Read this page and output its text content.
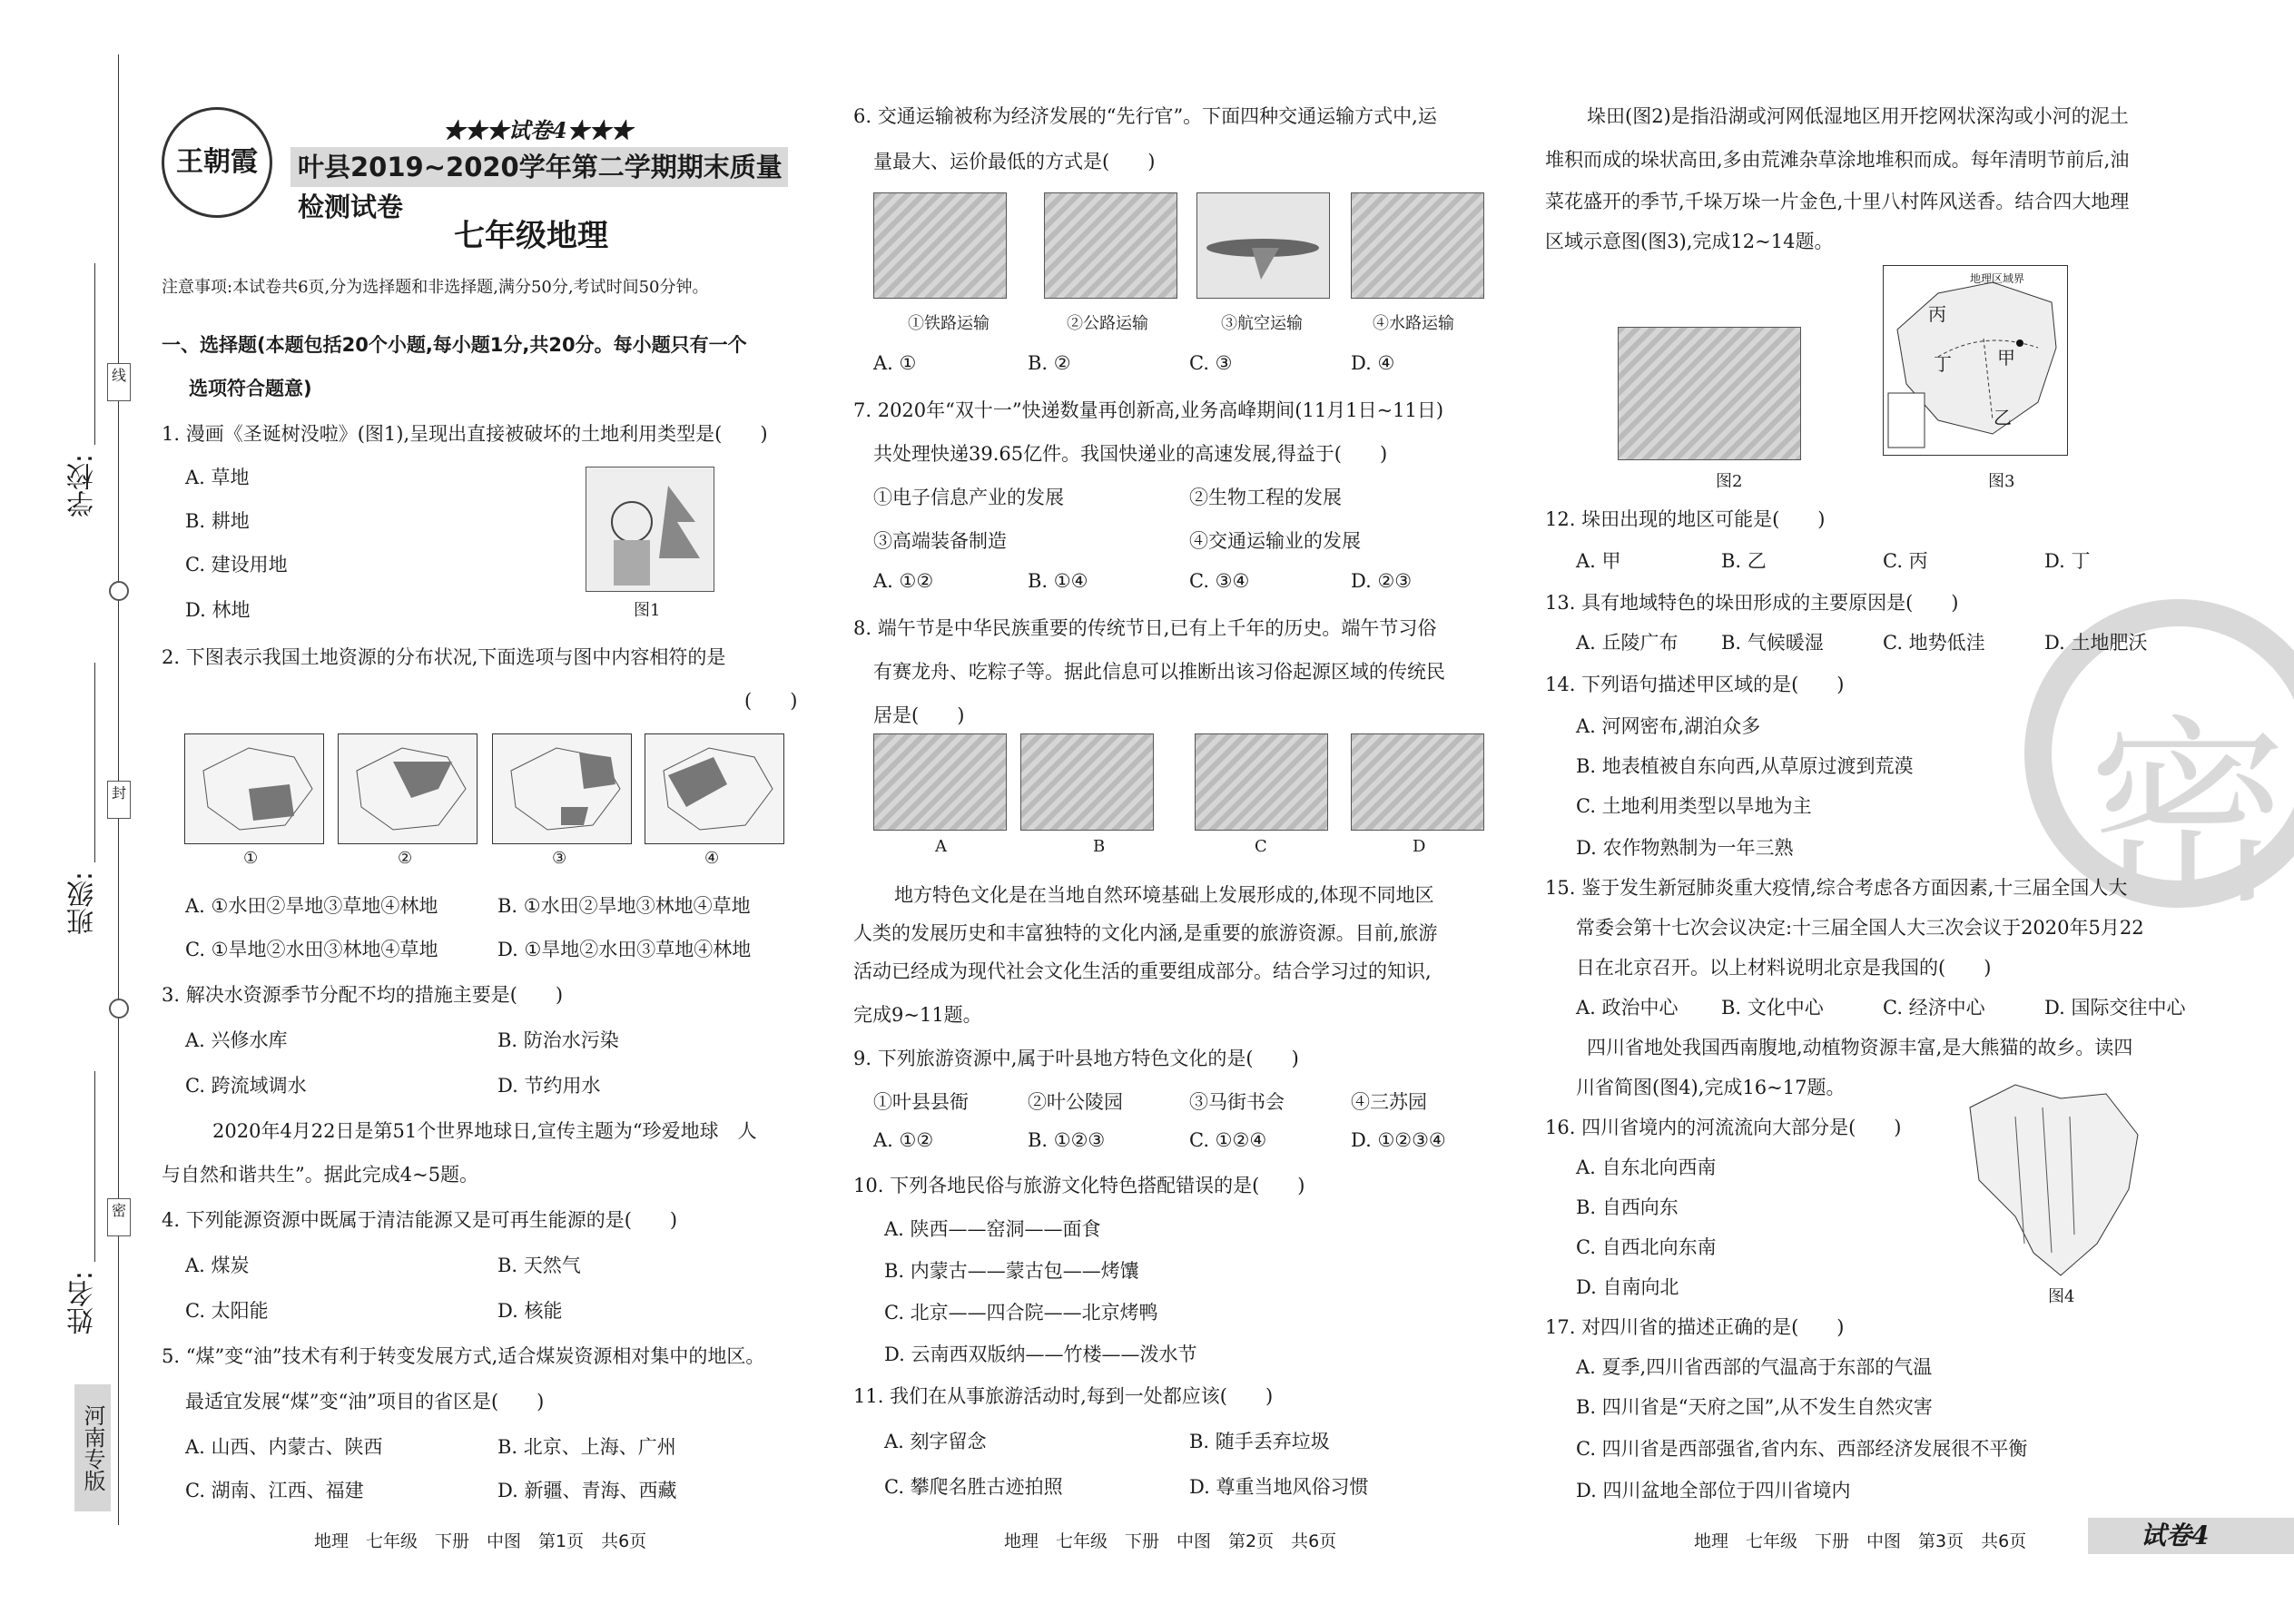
线
封
密
学校:
班级:
姓名:
河南专版
王朝霞
★★★试卷4★★★
叶县2019~2020学年第二学期期末质量检测试卷
七年级地理
注意事项:本试卷共6页,分为选择题和非选择题,满分50分,考试时间50分钟。
一、选择题(本题包括20个小题,每小题1分,共20分。每小题只有一个
选项符合题意)
1. 漫画《圣诞树没啦》(图1),呈现出直接被破坏的土地利用类型是(　　)
A. 草地
B. 耕地
C. 建设用地
D. 林地	图1
2. 下图表示我国土地资源的分布状况,下面选项与图中内容相符的是
(　　)
①	②	③	④
A. ①水田②旱地③草地④林地	B. ①水田②旱地③林地④草地
C. ①旱地②水田③林地④草地	D. ①旱地②水田③草地④林地
3. 解决水资源季节分配不均的措施主要是(　　)
A. 兴修水库	B. 防治水污染
C. 跨流域调水	D. 节约用水
2020年4月22日是第51个世界地球日,宣传主题为“珍爱地球　人
与自然和谐共生”。据此完成4~5题。
4. 下列能源资源中既属于清洁能源又是可再生能源的是(　　)
A. 煤炭	B. 天然气
C. 太阳能	D. 核能
5. “煤”变“油”技术有利于转变发展方式,适合煤炭资源相对集中的地区。
最适宜发展“煤”变“油”项目的省区是(　　)
A. 山西、内蒙古、陕西	B. 北京、上海、广州
C. 湖南、江西、福建	D. 新疆、青海、西藏
地理　七年级　下册　中图　第1页　共6页
6. 交通运输被称为经济发展的“先行官”。下面四种交通运输方式中,运
量最大、运价最低的方式是(　　)
①铁路运输	②公路运输	③航空运输	④水路运输
A. ①	B. ②	C. ③	D. ④
7. 2020年“双十一”快递数量再创新高,业务高峰期间(11月1日~11日)
共处理快递39.65亿件。我国快递业的高速发展,得益于(　　)
①电子信息产业的发展	②生物工程的发展
③高端装备制造	④交通运输业的发展
A. ①②	B. ①④	C. ③④	D. ②③
8. 端午节是中华民族重要的传统节日,已有上千年的历史。端午节习俗
有赛龙舟、吃粽子等。据此信息可以推断出该习俗起源区域的传统民
居是(　　)
A	B	C	D
地方特色文化是在当地自然环境基础上发展形成的,体现不同地区
人类的发展历史和丰富独特的文化内涵,是重要的旅游资源。目前,旅游
活动已经成为现代社会文化生活的重要组成部分。结合学习过的知识,
完成9~11题。
9. 下列旅游资源中,属于叶县地方特色文化的是(　　)
①叶县县衙	②叶公陵园	③马街书会	④三苏园
A. ①②	B. ①②③	C. ①②④	D. ①②③④
10. 下列各地民俗与旅游文化特色搭配错误的是(　　)
A. 陕西——窑洞——面食
B. 内蒙古——蒙古包——烤馕
C. 北京——四合院——北京烤鸭
D. 云南西双版纳——竹楼——泼水节
11. 我们在从事旅游活动时,每到一处都应该(　　)
A. 刻字留念	B. 随手丢弃垃圾
C. 攀爬名胜古迹拍照	D. 尊重当地风俗习惯
地理　七年级　下册　中图　第2页　共6页
密
垛田(图2)是指沿湖或河网低湿地区用开挖网状深沟或小河的泥土
堆积而成的垛状高田,多由荒滩杂草涂地堆积而成。每年清明节前后,油
菜花盛开的季节,千垛万垛一片金色,十里八村阵风送香。结合四大地理
区域示意图(图3),完成12~14题。
地理区域界
丙
丁	甲
乙
图2	图3
12. 垛田出现的地区可能是(　　)
A. 甲	B. 乙	C. 丙	D. 丁
13. 具有地域特色的垛田形成的主要原因是(　　)
A. 丘陵广布 B. 气候暖湿	C. 地势低洼	D. 土地肥沃
14. 下列语句描述甲区域的是(　　)
A. 河网密布,湖泊众多
B. 地表植被自东向西,从草原过渡到荒漠
C. 土地利用类型以旱地为主
D. 农作物熟制为一年三熟
15. 鉴于发生新冠肺炎重大疫情,综合考虑各方面因素,十三届全国人大
常委会第十七次会议决定:十三届全国人大三次会议于2020年5月22
日在北京召开。以上材料说明北京是我国的(　　)
A. 政治中心 B. 文化中心	C. 经济中心	D. 国际交往中心
四川省地处我国西南腹地,动植物资源丰富,是大熊猫的故乡。读四
川省简图(图4),完成16~17题。
图4
16. 四川省境内的河流流向大部分是(　　)
A. 自东北向西南
B. 自西向东
C. 自西北向东南
D. 自南向北
17. 对四川省的描述正确的是(　　)
A. 夏季,四川省西部的气温高于东部的气温
B. 四川省是“天府之国”,从不发生自然灾害
C. 四川省是西部强省,省内东、西部经济发展很不平衡
D. 四川盆地全部位于四川省境内
地理　七年级　下册　中图　第3页　共6页	试卷4
